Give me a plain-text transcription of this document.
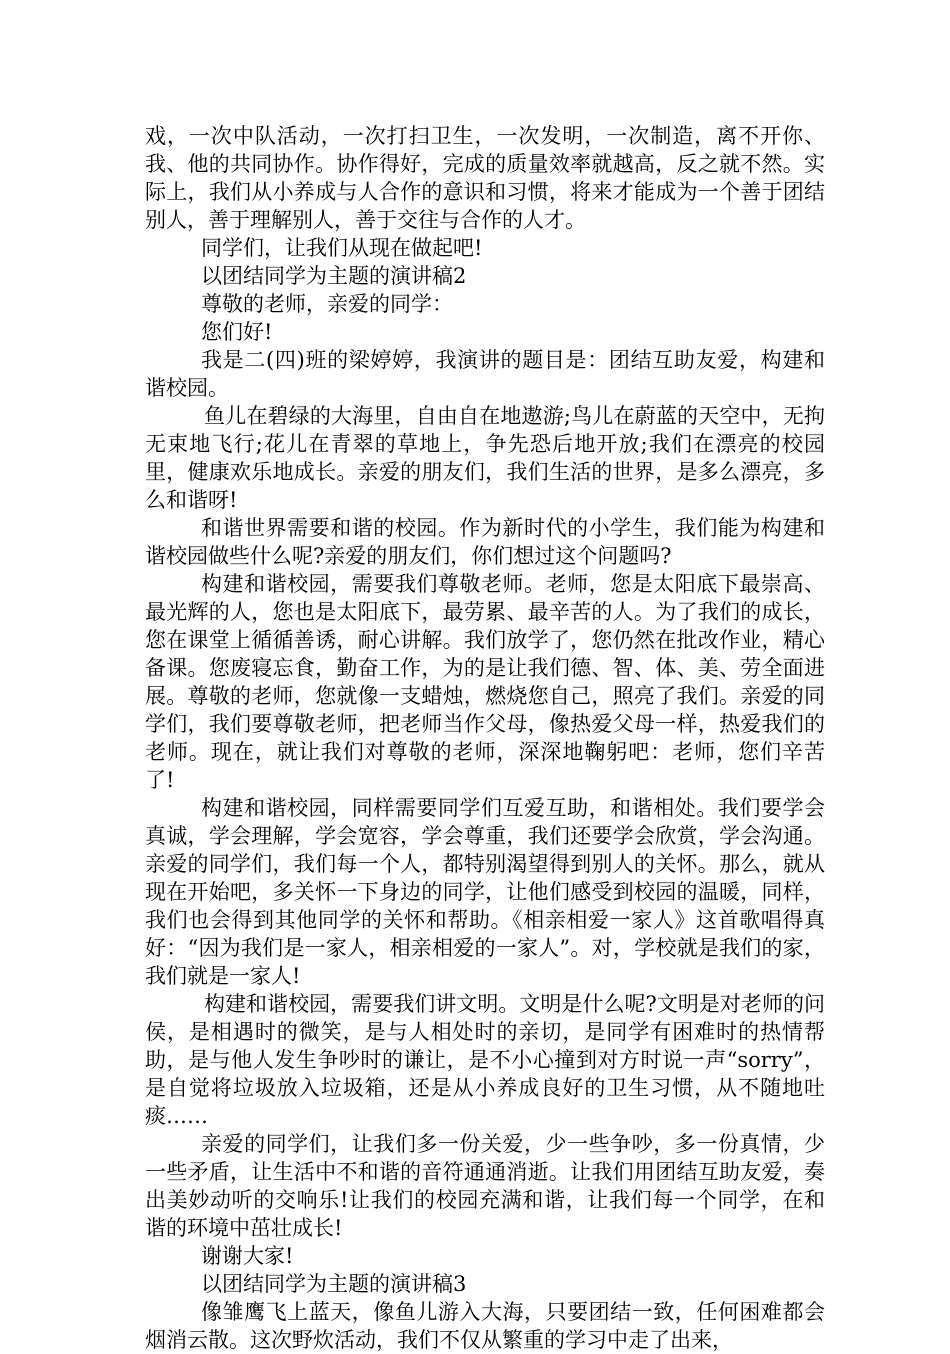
戏，一次中队活动，一次打扫卫生，一次发明，一次制造，离不开你、我、他的共同协作。协作得好，完成的质量效率就越高，反之就不然。实际上，我们从小养成与人合作的意识和习惯，将来才能成为一个善于团结别人，善于理解别人，善于交往与合作的人才。

同学们，让我们从现在做起吧!

以团结同学为主题的演讲稿2

尊敬的老师，亲爱的同学：

您们好!

我是二(四)班的梁婷婷，我演讲的题目是：团结互助友爱，构建和谐校园。

鱼儿在碧绿的大海里，自由自在地遨游;鸟儿在蔚蓝的天空中，无拘无束地飞行;花儿在青翠的草地上，争先恐后地开放;我们在漂亮的校园里，健康欢乐地成长。亲爱的朋友们，我们生活的世界，是多么漂亮，多么和谐呀!

和谐世界需要和谐的校园。作为新时代的小学生，我们能为构建和谐校园做些什么呢?亲爱的朋友们，你们想过这个问题吗?

构建和谐校园，需要我们尊敬老师。老师，您是太阳底下最崇高、最光辉的人，您也是太阳底下，最劳累、最辛苦的人。为了我们的成长，您在课堂上循循善诱，耐心讲解。我们放学了，您仍然在批改作业，精心备课。您废寝忘食，勤奋工作，为的是让我们德、智、体、美、劳全面进展。尊敬的老师，您就像一支蜡烛，燃烧您自己，照亮了我们。亲爱的同学们，我们要尊敬老师，把老师当作父母，像热爱父母一样，热爱我们的老师。现在，就让我们对尊敬的老师，深深地鞠躬吧：老师，您们辛苦了!

构建和谐校园，同样需要同学们互爱互助，和谐相处。我们要学会真诚，学会理解，学会宽容，学会尊重，我们还要学会欣赏，学会沟通。亲爱的同学们，我们每一个人，都特别渴望得到别人的关怀。那么，就从现在开始吧，多关怀一下身边的同学，让他们感受到校园的温暖，同样，我们也会得到其他同学的关怀和帮助。《相亲相爱一家人》这首歌唱得真好：“因为我们是一家人，相亲相爱的一家人”。对，学校就是我们的家，我们就是一家人!

构建和谐校园，需要我们讲文明。文明是什么呢?文明是对老师的问侯，是相遇时的微笑，是与人相处时的亲切，是同学有困难时的热情帮助，是与他人发生争吵时的谦让，是不小心撞到对方时说一声“sorry”，是自觉将垃圾放入垃圾箱，还是从小养成良好的卫生习惯，从不随地吐痰……

亲爱的同学们，让我们多一份关爱，少一些争吵，多一份真情，少一些矛盾，让生活中不和谐的音符通通消逝。让我们用团结互助友爱，奏出美妙动听的交响乐!让我们的校园充满和谐，让我们每一个同学，在和谐的环境中茁壮成长!

谢谢大家!

以团结同学为主题的演讲稿3

像雏鹰飞上蓝天，像鱼儿游入大海，只要团结一致，任何困难都会烟消云散。这次野炊活动，我们不仅从繁重的学习中走了出来，
